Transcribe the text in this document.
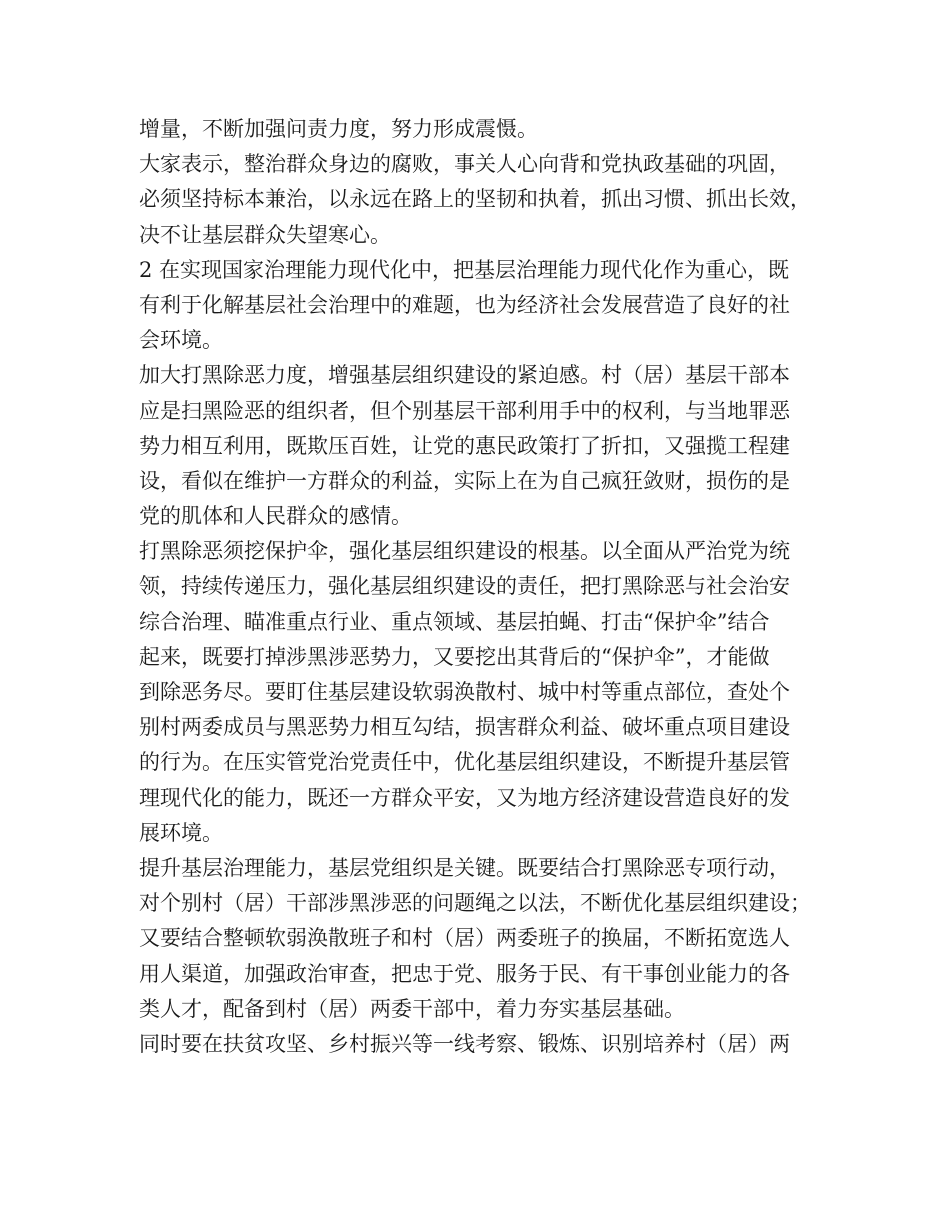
增量，不断加强问责力度，努力形成震慑。

大家表示，整治群众身边的腐败，事关人心向背和党执政基础的巩固，
必须坚持标本兼治，以永远在路上的坚韧和执着，抓出习惯、抓出长效，
决不让基层群众失望寒心。

2 在实现国家治理能力现代化中，把基层治理能力现代化作为重心，既
有利于化解基层社会治理中的难题，也为经济社会发展营造了良好的社
会环境。

加大打黑除恶力度，增强基层组织建设的紧迫感。村（居）基层干部本
应是扫黑险恶的组织者，但个别基层干部利用手中的权利，与当地罪恶
势力相互利用，既欺压百姓，让党的惠民政策打了折扣，又强揽工程建
设，看似在维护一方群众的利益，实际上在为自己疯狂敛财，损伤的是
党的肌体和人民群众的感情。

打黑除恶须挖保护伞，强化基层组织建设的根基。以全面从严治党为统
领，持续传递压力，强化基层组织建设的责任，把打黑除恶与社会治安
综合治理、瞄准重点行业、重点领域、基层拍蝇、打击“保护伞”结合
起来，既要打掉涉黑涉恶势力，又要挖出其背后的“保护伞”，才能做
到除恶务尽。要盯住基层建设软弱涣散村、城中村等重点部位，查处个
别村两委成员与黑恶势力相互勾结，损害群众利益、破坏重点项目建设
的行为。在压实管党治党责任中，优化基层组织建设，不断提升基层管
理现代化的能力，既还一方群众平安，又为地方经济建设营造良好的发
展环境。

提升基层治理能力，基层党组织是关键。既要结合打黑除恶专项行动，
对个别村（居）干部涉黑涉恶的问题绳之以法，不断优化基层组织建设；
又要结合整顿软弱涣散班子和村（居）两委班子的换届，不断拓宽选人
用人渠道，加强政治审查，把忠于党、服务于民、有干事创业能力的各
类人才，配备到村（居）两委干部中，着力夯实基层基础。

同时要在扶贫攻坚、乡村振兴等一线考察、锻炼、识别培养村（居）两
